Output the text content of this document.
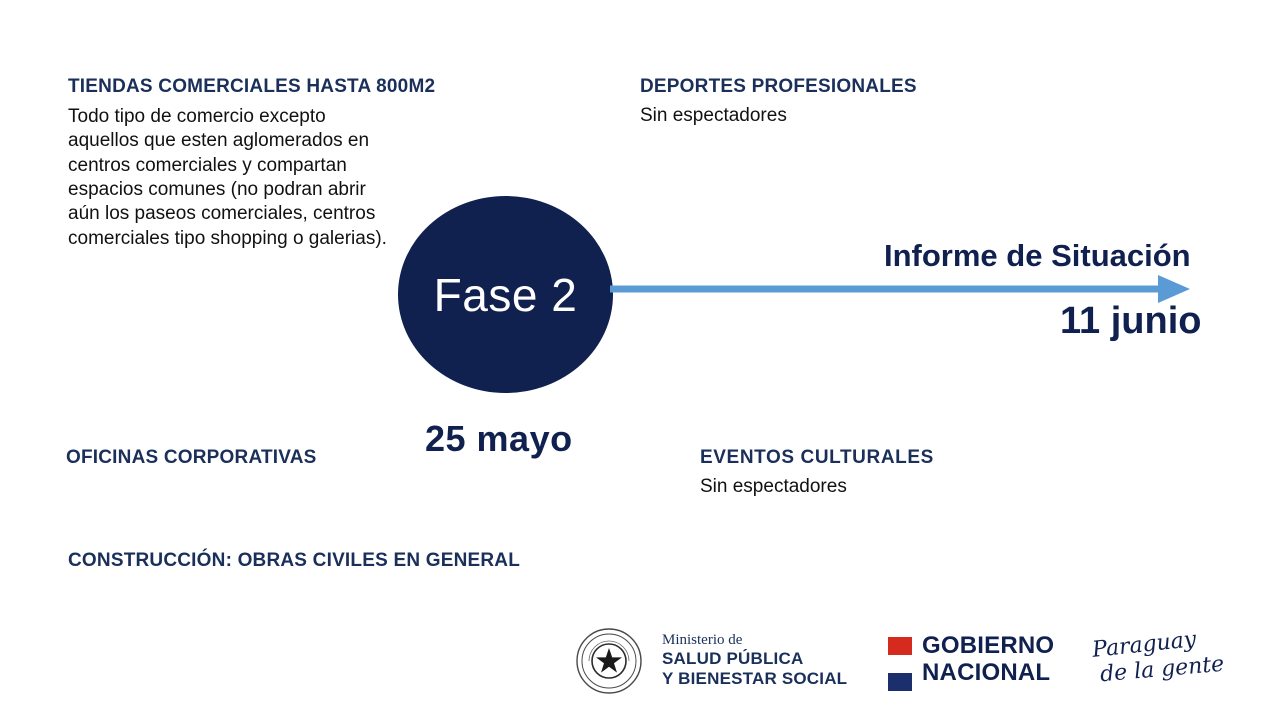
TIENDAS COMERCIALES HASTA 800M2
Todo tipo de comercio excepto aquellos que esten aglomerados en centros comerciales y compartan espacios comunes (no podran abrir aún los paseos comerciales, centros comerciales tipo shopping o galerias).
DEPORTES PROFESIONALES
Sin espectadores
Fase 2
25 mayo
Informe de Situación
11 junio
OFICINAS CORPORATIVAS	EVENTOS CULTURALES
Sin espectadores
CONSTRUCCIÓN: OBRAS CIVILES EN GENERAL
Ministerio de
SALUD PÚBLICA
Y BIENESTAR SOCIAL
GOBIERNO
NACIONAL
Paraguay
de la gente
